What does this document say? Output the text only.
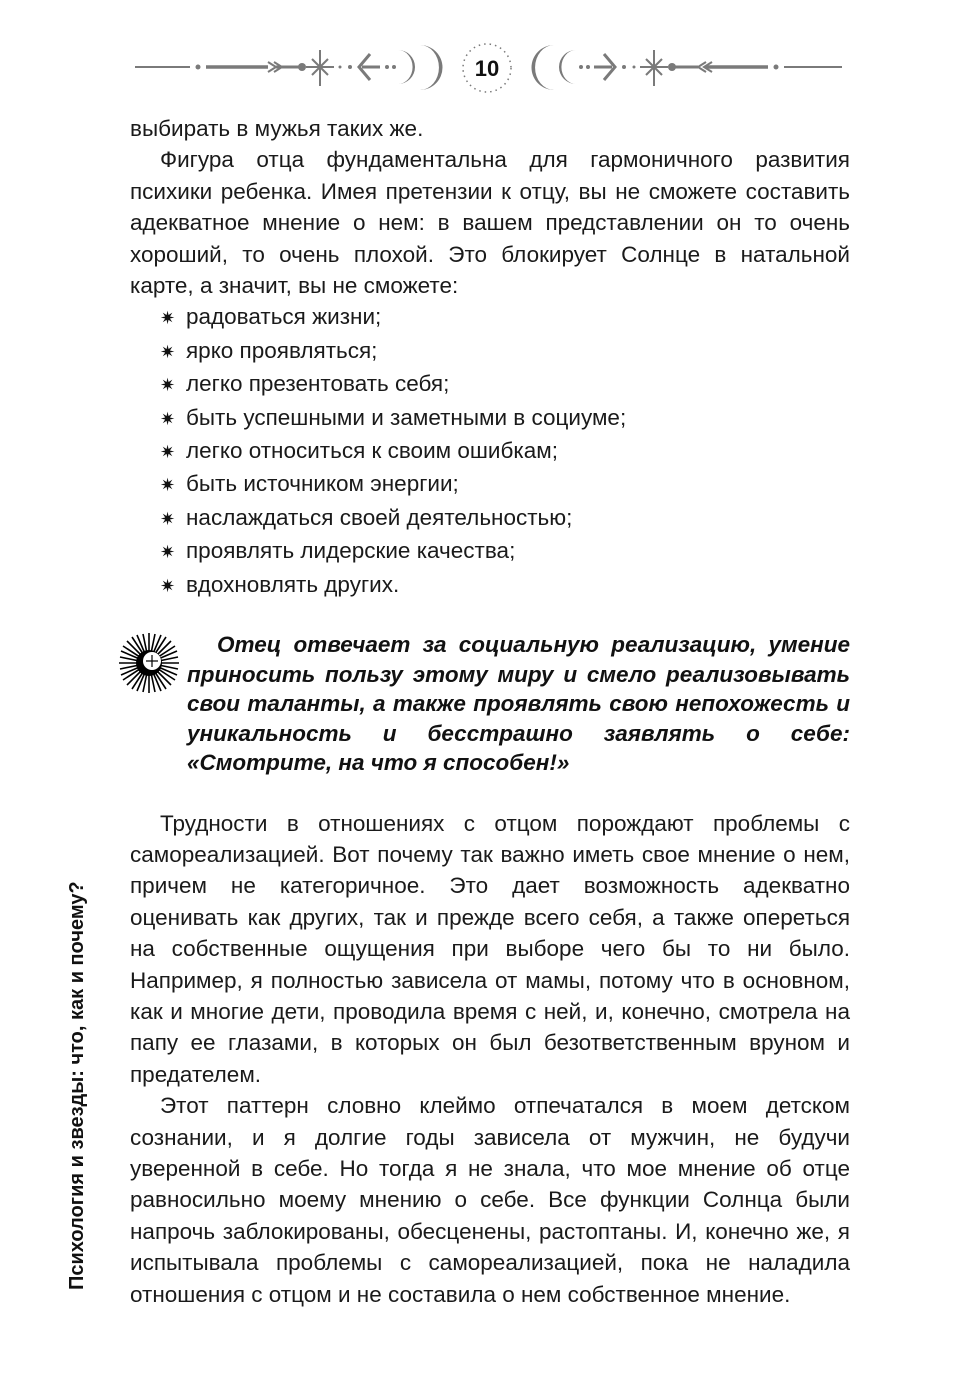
10
Психология и звезды: что, как и почему?

выбирать в мужья таких же.

Фигура отца фундаментальна для гармоничного развития психики ребенка. Имея претензии к отцу, вы не сможете составить адекватное мнение о нем: в вашем представлении он то очень хороший, то очень плохой. Это блокирует Солнце в натальной карте, а значит, вы не сможете:

✷ радоваться жизни;
✷ ярко проявляться;
✷ легко презентовать себя;
✷ быть успешными и заметными в социуме;
✷ легко относиться к своим ошибкам;
✷ быть источником энергии;
✷ наслаждаться своей деятельностью;
✷ проявлять лидерские качества;
✷ вдохновлять других.

Отец отвечает за социальную реализацию, умение приносить пользу этому миру и смело реализовывать свои таланты, а также проявлять свою непохожесть и уникальность и бесстрашно заявлять о себе: «Смотрите, на что я способен!»

Трудности в отношениях с отцом порождают проблемы с самореализацией. Вот почему так важно иметь свое мнение о нем, причем не категоричное. Это дает возможность адекватно оценивать как других, так и прежде всего себя, а также опереться на собственные ощущения при выборе чего бы то ни было. Например, я полностью зависела от мамы, потому что в основном, как и многие дети, проводила время с ней, и, конечно, смотрела на папу ее глазами, в которых он был безответственным вруном и предателем.

Этот паттерн словно клеймо отпечатался в моем детском сознании, и я долгие годы зависела от мужчин, не будучи уверенной в себе. Но тогда я не знала, что мое мнение об отце равносильно моему мнению о себе. Все функции Солнца были напрочь заблокированы, обесценены, растоптаны. И, конечно же, я испытывала проблемы с самореализацией, пока не наладила отношения с отцом и не составила о нем собственное мнение.
